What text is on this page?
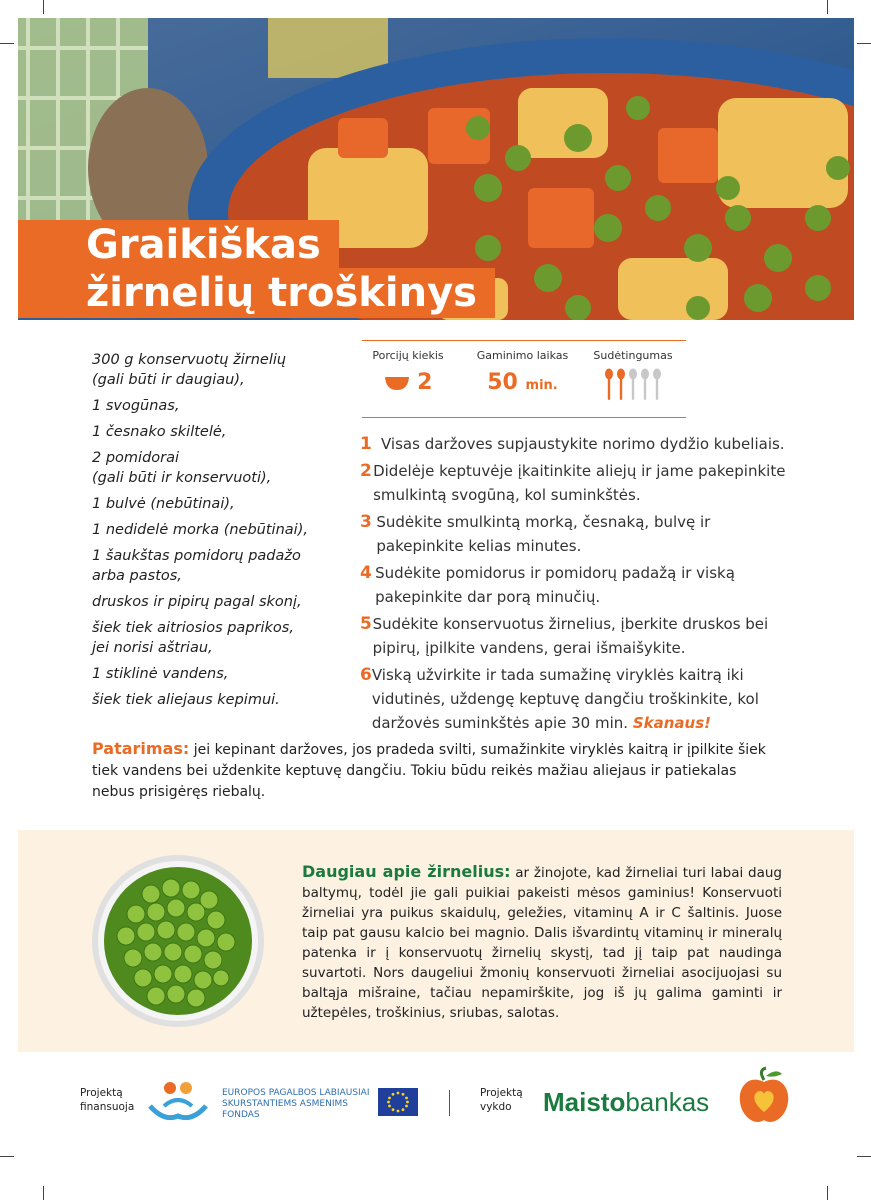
Graikiškas
žirnelių troškinys
300 g konservuotų žirnelių
(gali būti ir daugiau),
1 svogūnas,
1 česnako skiltelė,
2 pomidorai
(gali būti ir konservuoti),
1 bulvė (nebūtinai),
1 nedidelė morka (nebūtinai),
1 šaukštas pomidorų padažo
arba pastos,
druskos ir pipirų pagal skonį,
šiek tiek aitriosios paprikos,
jei norisi aštriau,
1 stiklinė vandens,
šiek tiek aliejaus kepimui.
Porcijų kiekis
2
Gaminimo laikas
50 min.
Sudėtingumas
1 Visas daržoves supjaustykite norimo dydžio kubeliais.
2 Didelėje keptuvėje įkaitinkite aliejų ir jame pakepinkite smulkintą svogūną, kol suminkštės.
3 Sudėkite smulkintą morką, česnaką, bulvę ir pakepinkite kelias minutes.
4 Sudėkite pomidorus ir pomidorų padažą ir viską pakepinkite dar porą minučių.
5 Sudėkite konservuotus žirnelius, įberkite druskos bei pipirų, įpilkite vandens, gerai išmaišykite.
6 Viską užvirkite ir tada sumažinę viryklės kaitrą iki vidutinės, uždengę keptuvę dangčiu troškinkite, kol daržovės suminkštės apie 30 min. Skanaus!
Patarimas: jei kepinant daržoves, jos pradeda svilti, sumažinkite viryklės kaitrą ir įpilkite šiek tiek vandens bei uždenkite keptuvę dangčiu. Tokiu būdu reikės mažiau aliejaus ir patiekalas nebus prisigėręs riebalų.
Daugiau apie žirnelius: ar žinojote, kad žirneliai turi labai daug baltymų, todėl jie gali puikiai pakeisti mėsos gaminius! Konservuoti žirneliai yra puikus skaidulų, geležies, vitaminų A ir C šaltinis. Juose taip pat gausu kalcio bei magnio. Dalis išvardintų vitaminų ir mineralų patenka ir į konservuotų žirnelių skystį, tad jį taip pat naudinga suvartoti. Nors daugeliui žmonių konservuoti žirneliai asocijuojasi su baltąja mišraine, tačiau nepamirškite, jog iš jų galima gaminti ir užtepėles, troškinius, sriubas, salotas.
Projektą
finansuoja
EUROPOS PAGALBOS LABIAUSIAI
SKURSTANTIEMS ASMENIMS
FONDAS
Projektą
vykdo	Maistobankas
